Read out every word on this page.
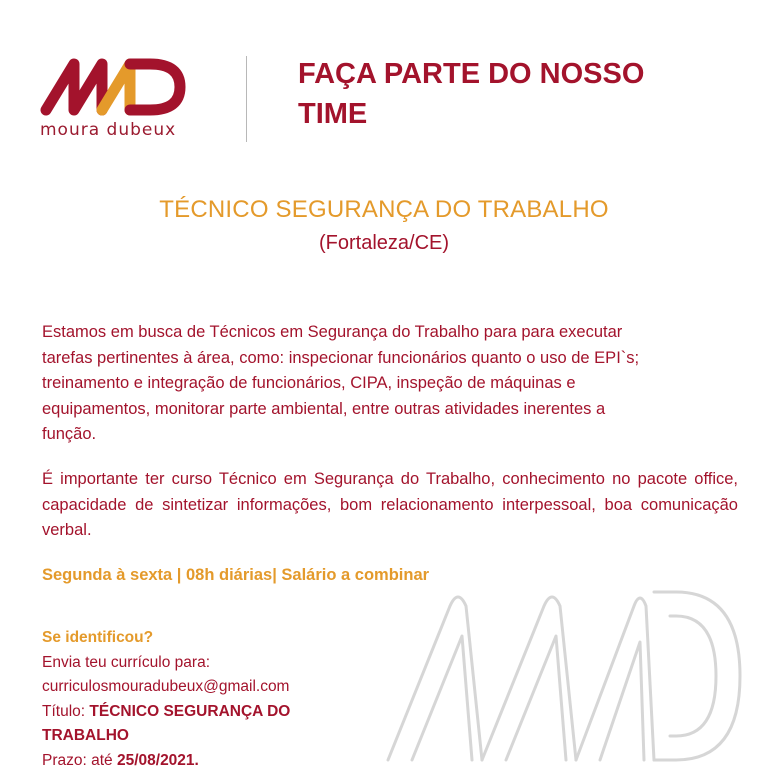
moura dubeux
FAÇA PARTE DO NOSSO
TIME
TÉCNICO SEGURANÇA DO TRABALHO
(Fortaleza/CE)
Estamos em busca de Técnicos em Segurança do Trabalho para para executar
tarefas pertinentes à área, como: inspecionar funcionários quanto o uso de EPI`s;
treinamento e integração de funcionários, CIPA, inspeção de máquinas e
equipamentos, monitorar parte ambiental, entre outras atividades inerentes a
função.
É importante ter curso Técnico em Segurança do Trabalho, conhecimento no pacote office, capacidade de sintetizar informações, bom relacionamento interpessoal, boa comunicação verbal.
Segunda à sexta | 08h diárias| Salário a combinar
Se identificou?
Envia teu currículo para:
curriculosmouradubeux@gmail.com
Título: TÉCNICO SEGURANÇA DO
TRABALHO
Prazo: até 25/08/2021.
